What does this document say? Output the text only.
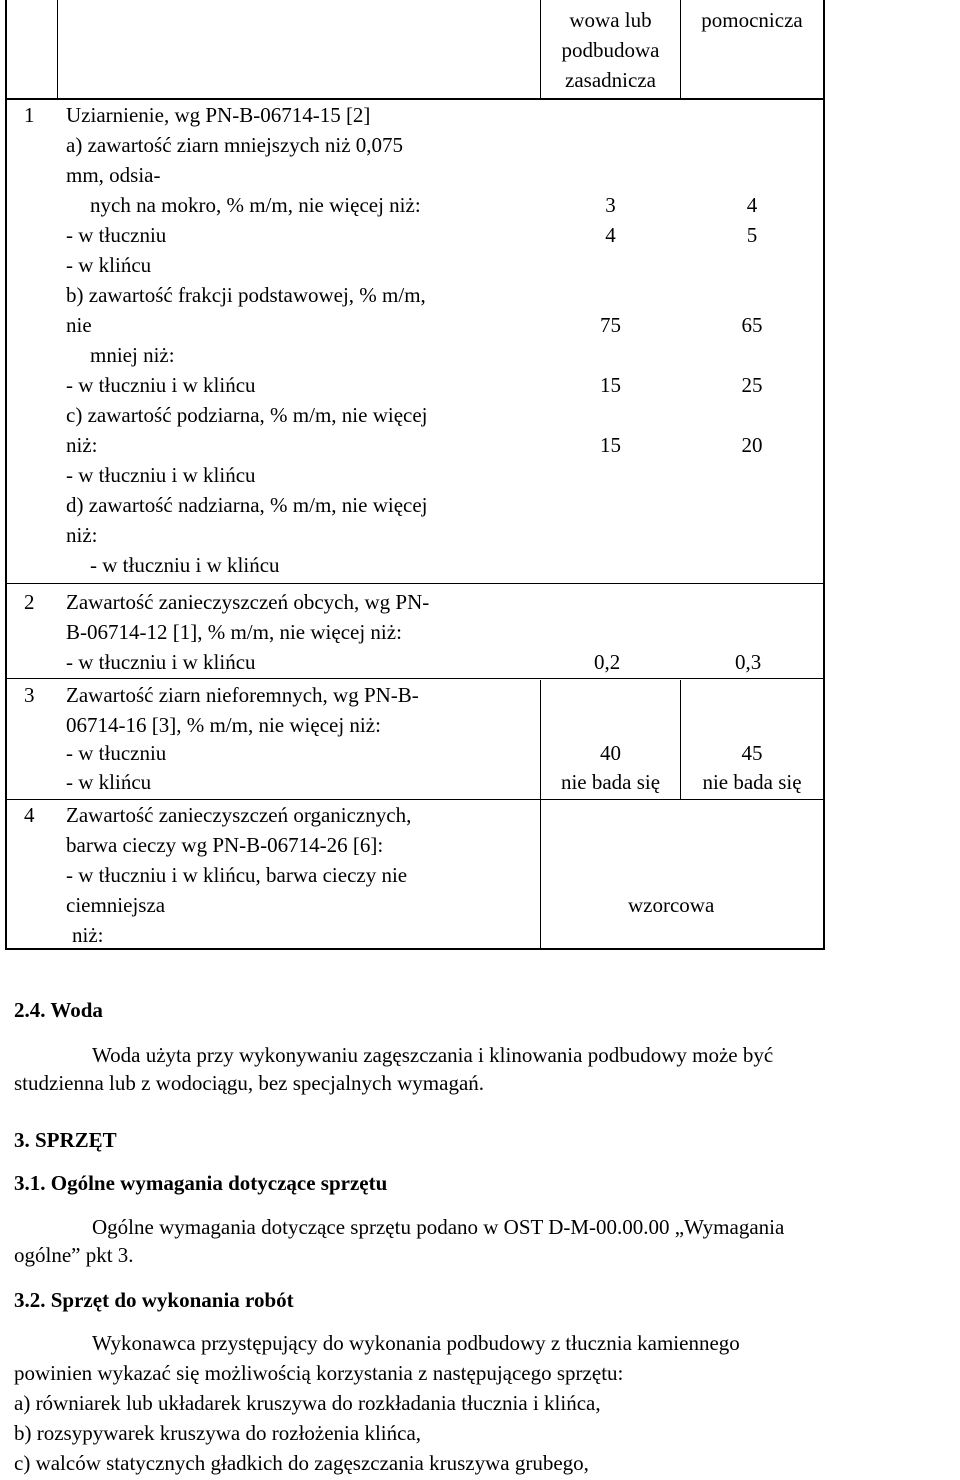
wowa lub
podbudowa
zasadnicza
pomocnicza
1 Uziarnienie, wg PN-B-06714-15 [2]
a) zawartość ziarn mniejszych niż 0,075
mm, odsia-
nych na mokro, % m/m, nie więcej niż:
- w tłuczniu
- w klińcu
b) zawartość frakcji podstawowej, % m/m,
nie
mniej niż:
- w tłuczniu i w klińcu
c) zawartość podziarna, % m/m, nie więcej
niż:
- w tłuczniu i w klińcu
d) zawartość nadziarna, % m/m, nie więcej
niż:
- w tłuczniu i w klińcu
3
4
75
15
15
4
5
65
25
20
2 Zawartość zanieczyszczeń obcych, wg PN-
B-06714-12 [1], % m/m, nie więcej niż:
- w tłuczniu i w klińcu	0,2	0,3
3 Zawartość ziarn nieforemnych, wg PN-B-
06714-16 [3], % m/m, nie więcej niż:
- w tłuczniu
- w klińcu
40
nie bada się
45
nie bada się
4 Zawartość zanieczyszczeń organicznych,
barwa cieczy wg PN-B-06714-26 [6]:
- w tłuczniu i w klińcu, barwa cieczy nie
ciemniejsza
niż:
wzorcowa
2.4. Woda
Woda użyta przy wykonywaniu zagęszczania i klinowania podbudowy może być
studzienna lub z wodociągu, bez specjalnych wymagań.
3. SPRZĘT
3.1. Ogólne wymagania dotyczące sprzętu
Ogólne wymagania dotyczące sprzętu podano w OST D-M-00.00.00 „Wymagania
ogólne” pkt 3.
3.2. Sprzęt do wykonania robót
Wykonawca przystępujący do wykonania podbudowy z tłucznia kamiennego
powinien wykazać się możliwością korzystania z następującego sprzętu:
a) równiarek lub układarek kruszywa do rozkładania tłucznia i klińca,
b) rozsypywarek kruszywa do rozłożenia klińca,
c) walców statycznych gładkich do zagęszczania kruszywa grubego,
